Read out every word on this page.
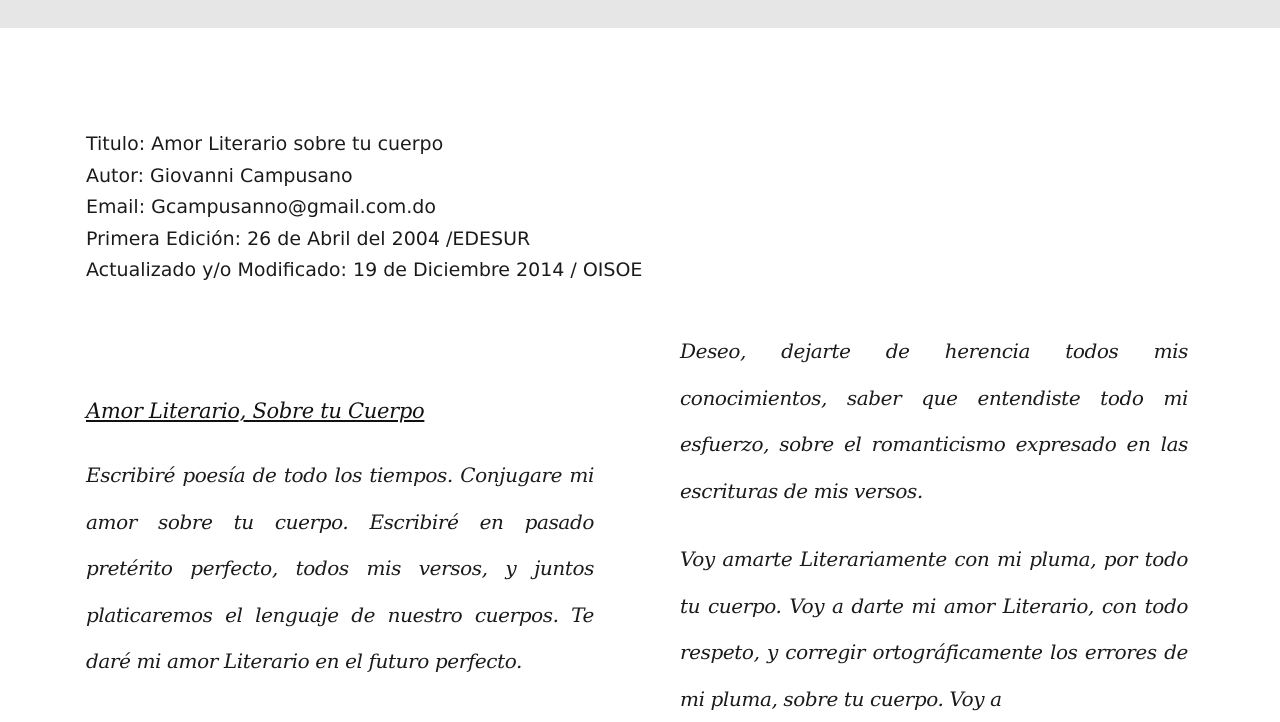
Titulo: Amor Literario sobre tu cuerpo
Autor: Giovanni Campusano
Email: Gcampusanno@gmail.com.do
Primera Edición: 26 de Abril del 2004 /EDESUR
Actualizado y/o Modificado: 19 de Diciembre 2014 / OISOE

Amor Literario, Sobre tu Cuerpo

Escribiré poesía de todo los tiempos. Conjugare mi amor sobre tu cuerpo. Escribiré en pasado pretérito perfecto, todos mis versos, y juntos platicaremos el lenguaje de nuestro cuerpos. Te daré mi amor Literario en el futuro perfecto.

Deseo, dejarte de herencia todos mis conocimientos, saber que entendiste todo mi esfuerzo, sobre el romanticismo expresado en las escrituras de mis versos.

Voy amarte Literariamente con mi pluma, por todo tu cuerpo. Voy a darte mi amor Literario, con todo respeto, y corregir ortográficamente los errores de mi pluma, sobre tu cuerpo. Voy a
